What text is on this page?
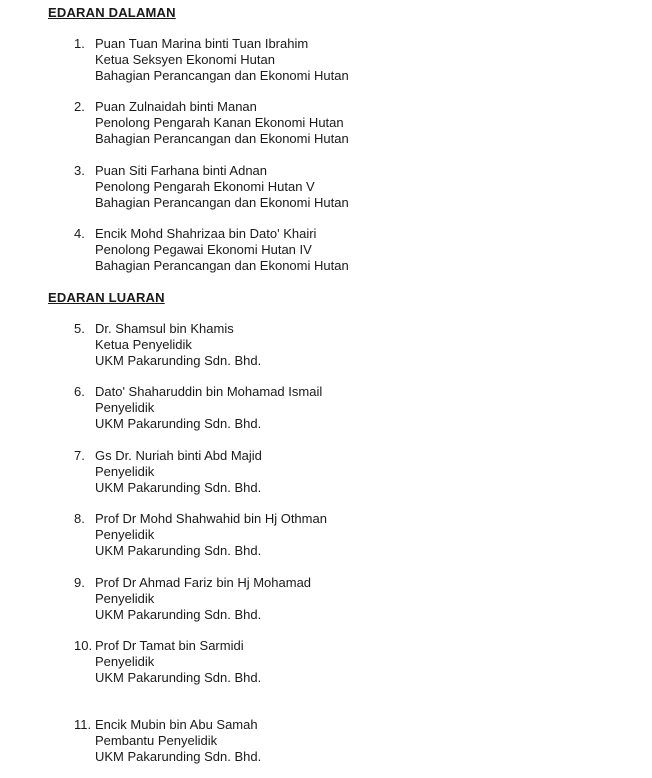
EDARAN DALAMAN
1. Puan Tuan Marina binti Tuan Ibrahim
Ketua Seksyen Ekonomi Hutan
Bahagian Perancangan dan Ekonomi Hutan
2. Puan Zulnaidah binti Manan
Penolong Pengarah Kanan Ekonomi Hutan
Bahagian Perancangan dan Ekonomi Hutan
3. Puan Siti Farhana binti Adnan
Penolong Pengarah Ekonomi Hutan V
Bahagian Perancangan dan Ekonomi Hutan
4. Encik Mohd Shahrizaa bin Dato' Khairi
Penolong Pegawai Ekonomi Hutan IV
Bahagian Perancangan dan Ekonomi Hutan
EDARAN LUARAN
5. Dr. Shamsul bin Khamis
Ketua Penyelidik
UKM Pakarunding Sdn. Bhd.
6. Dato' Shaharuddin bin Mohamad Ismail
Penyelidik
UKM Pakarunding Sdn. Bhd.
7. Gs Dr. Nuriah binti Abd Majid
Penyelidik
UKM Pakarunding Sdn. Bhd.
8. Prof Dr Mohd Shahwahid bin Hj Othman
Penyelidik
UKM Pakarunding Sdn. Bhd.
9. Prof Dr Ahmad Fariz bin Hj Mohamad
Penyelidik
UKM Pakarunding Sdn. Bhd.
10. Prof Dr Tamat bin Sarmidi
Penyelidik
UKM Pakarunding Sdn. Bhd.
11. Encik Mubin bin Abu Samah
Pembantu Penyelidik
UKM Pakarunding Sdn. Bhd.
